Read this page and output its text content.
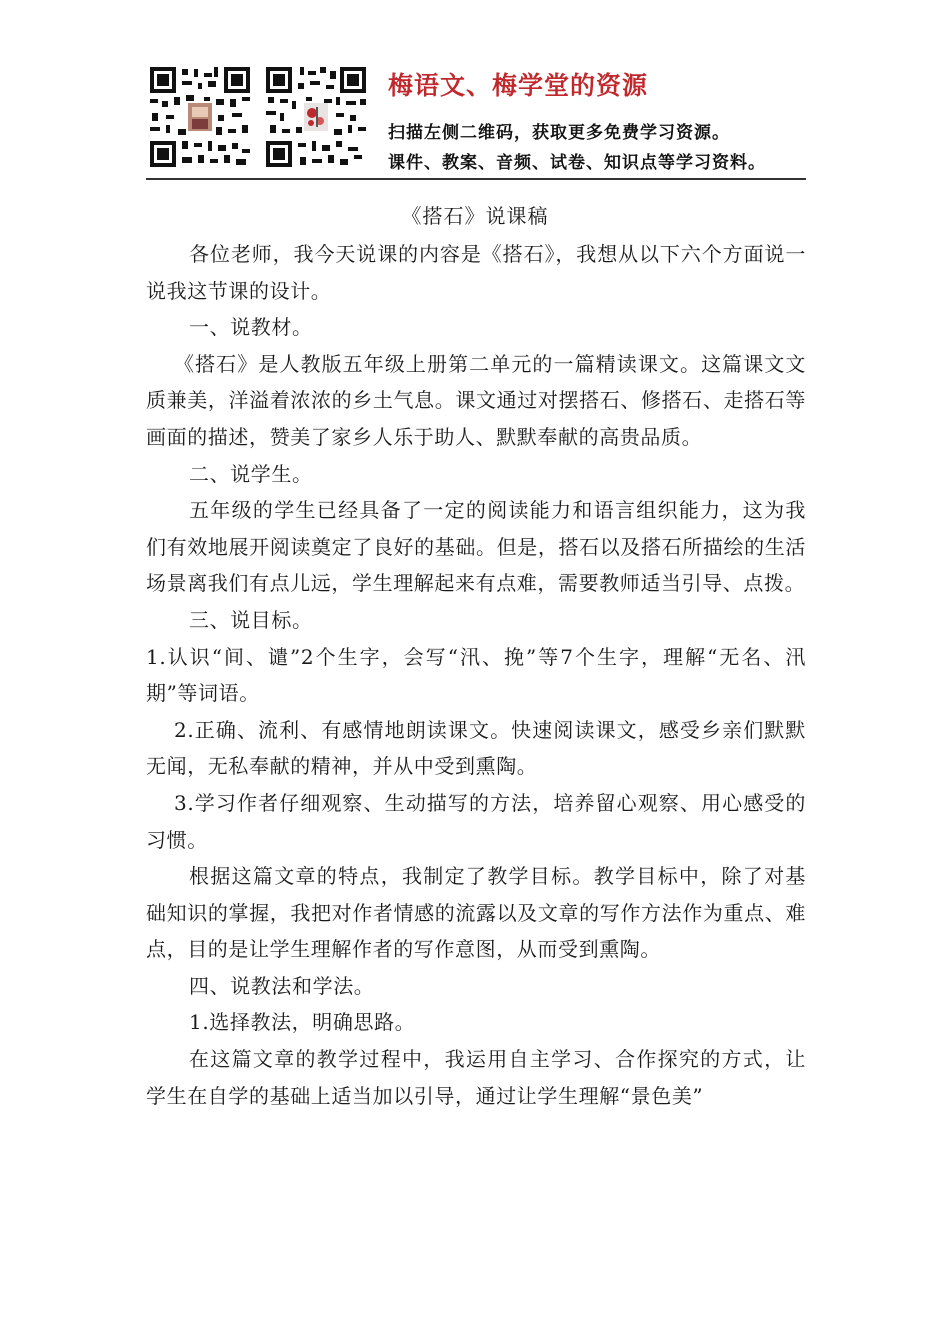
梅语文、梅学堂的资源
扫描左侧二维码，获取更多免费学习资源。
课件、教案、音频、试卷、知识点等学习资料。
《搭石》说课稿

各位老师，我今天说课的内容是《搭石》，我想从以下六个方面说一说我这节课的设计。

一、说教材。

《搭石》是人教版五年级上册第二单元的一篇精读课文。这篇课文文质兼美，洋溢着浓浓的乡土气息。课文通过对摆搭石、修搭石、走搭石等画面的描述，赞美了家乡人乐于助人、默默奉献的高贵品质。

二、说学生。

五年级的学生已经具备了一定的阅读能力和语言组织能力，这为我们有效地展开阅读奠定了良好的基础。但是，搭石以及搭石所描绘的生活场景离我们有点儿远，学生理解起来有点难，需要教师适当引导、点拨。

三、说目标。

1.认识“间、谴”2个生字，会写“汛、挽”等7个生字，理解“无名、汛期”等词语。

2.正确、流利、有感情地朗读课文。快速阅读课文，感受乡亲们默默无闻，无私奉献的精神，并从中受到熏陶。

3.学习作者仔细观察、生动描写的方法，培养留心观察、用心感受的习惯。

根据这篇文章的特点，我制定了教学目标。教学目标中，除了对基础知识的掌握，我把对作者情感的流露以及文章的写作方法作为重点、难点，目的是让学生理解作者的写作意图，从而受到熏陶。

四、说教法和学法。

1.选择教法，明确思路。

在这篇文章的教学过程中，我运用自主学习、合作探究的方式，让学生在自学的基础上适当加以引导，通过让学生理解“景色美”
